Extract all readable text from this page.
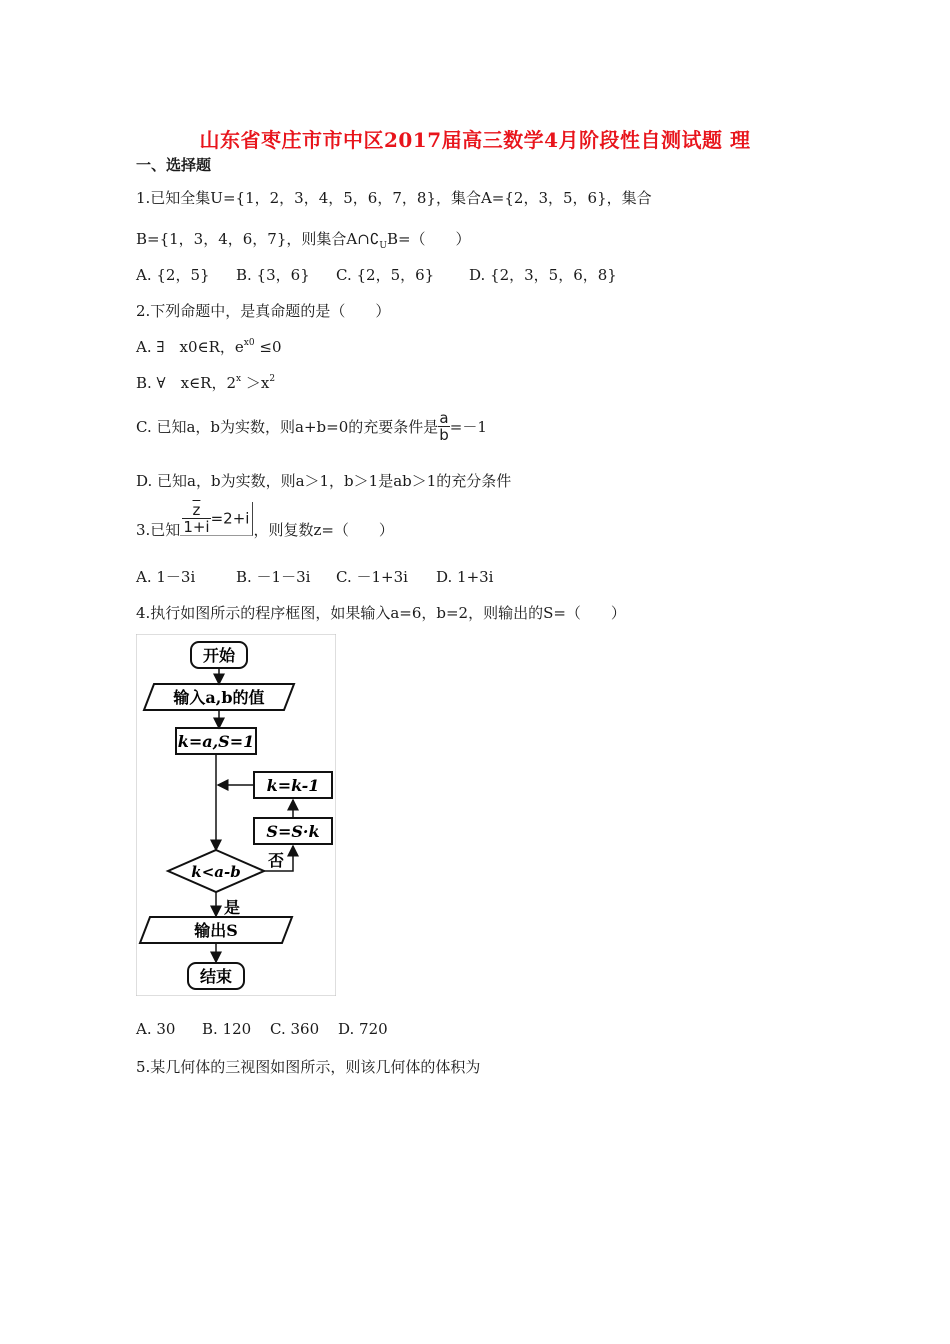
山东省枣庄市市中区2017届高三数学4月阶段性自测试题 理
一、选择题
1.已知全集U={1，2，3，4，5，6，7，8}，集合A={2，3，5，6}，集合
B={1，3，4，6，7}，则集合$A\cap∁_UB=$（　　）
A. {2，5} B. {3，6} C. {2，5，6} D. {2，3，5，6，8}
2.下列命题中，是真命题的是（　　）
A. ∃　x0∈R，$e^{x0} \le 0$
B. ∀　x∈R，$2^x >x^2$
C. 已知a，b为实数，则a+b=0的充要条件是 $\frac{a}{b} =-1$
D. 已知a，b为实数，则a＞1，b＞1是ab＞1的充分条件
3.已知 $\frac{\overline{z}}{1+i} =2+i$，则复数z=（　　）
A. 1－3i	B. －1－3i C. －1+3i D. 1+3i
4.执行如图所示的程序框图，如果输入a=6，b=2，则输出的S=（　　）
开始
输入a,b的值
k=a,S=1
k=k-1
S=S·k
k<a-b
否
是
输出S
结束
A. 30 B. 120 C. 360 D. 720
5.某几何体的三视图如图所示，则该几何体的体积为
